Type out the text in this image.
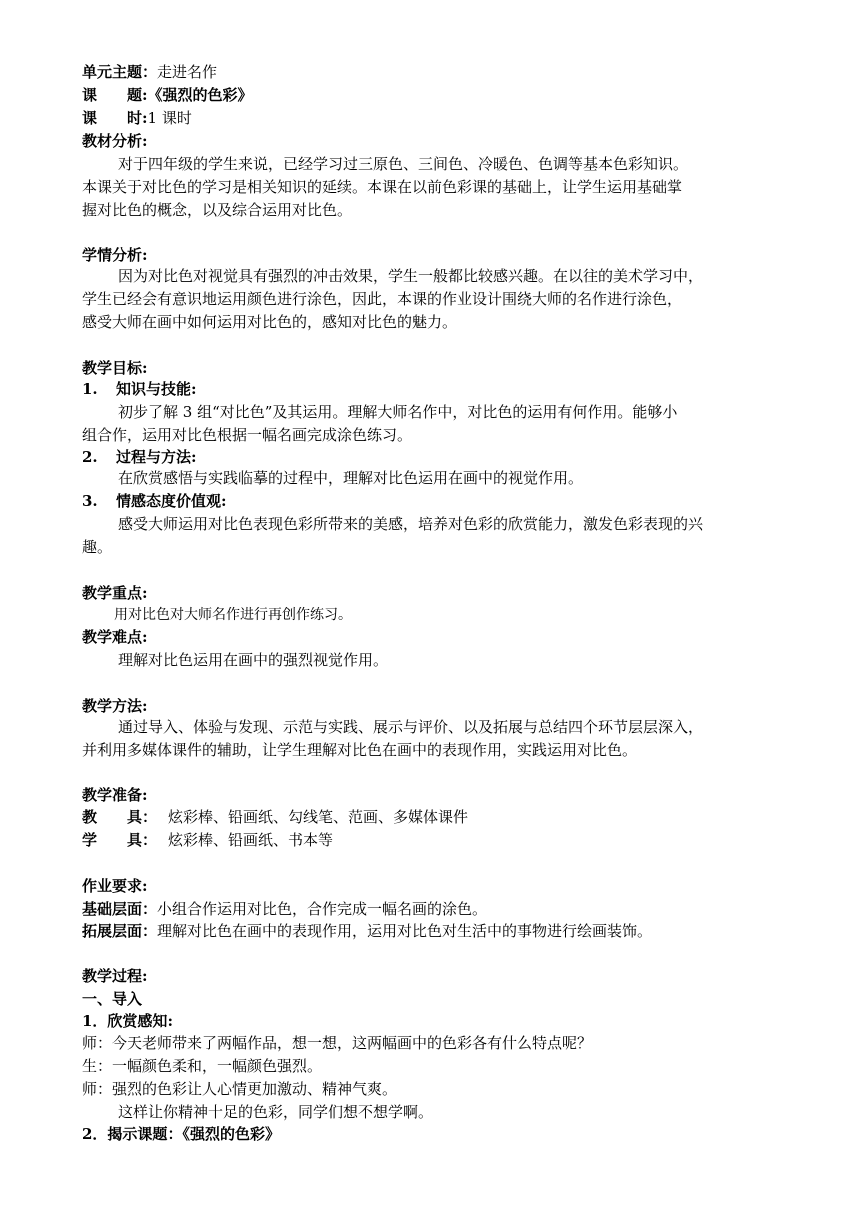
单元主题：走进名作
课　　题:《强烈的色彩》
课　　时:1 课时
教材分析:
对于四年级的学生来说，已经学习过三原色、三间色、冷暖色、色调等基本色彩知识。
本课关于对比色的学习是相关知识的延续。本课在以前色彩课的基础上，让学生运用基础掌
握对比色的概念，以及综合运用对比色。
学情分析:
因为对比色对视觉具有强烈的冲击效果，学生一般都比较感兴趣。在以往的美术学习中，
学生已经会有意识地运用颜色进行涂色，因此，本课的作业设计围绕大师的名作进行涂色，
感受大师在画中如何运用对比色的，感知对比色的魅力。
教学目标:
1. 知识与技能:
初步了解 3 组“对比色”及其运用。理解大师名作中，对比色的运用有何作用。能够小
组合作，运用对比色根据一幅名画完成涂色练习。
2. 过程与方法:
在欣赏感悟与实践临摹的过程中，理解对比色运用在画中的视觉作用。
3. 情感态度价值观:
感受大师运用对比色表现色彩所带来的美感，培养对色彩的欣赏能力，激发色彩表现的兴
趣。
教学重点:
用对比色对大师名作进行再创作练习。
教学难点:
理解对比色运用在画中的强烈视觉作用。
教学方法:
通过导入、体验与发现、示范与实践、展示与评价、以及拓展与总结四个环节层层深入，
并利用多媒体课件的辅助，让学生理解对比色在画中的表现作用，实践运用对比色。
教学准备:
教　　具： 炫彩棒、铅画纸、勾线笔、范画、多媒体课件
学　　具： 炫彩棒、铅画纸、书本等
作业要求:
基础层面：小组合作运用对比色，合作完成一幅名画的涂色。
拓展层面：理解对比色在画中的表现作用，运用对比色对生活中的事物进行绘画装饰。
教学过程:
一、导入
1．欣赏感知:
师：今天老师带来了两幅作品，想一想，这两幅画中的色彩各有什么特点呢？
生：一幅颜色柔和，一幅颜色强烈。
师：强烈的色彩让人心情更加激动、精神气爽。
这样让你精神十足的色彩，同学们想不想学啊。
2．揭示课题：《强烈的色彩》
